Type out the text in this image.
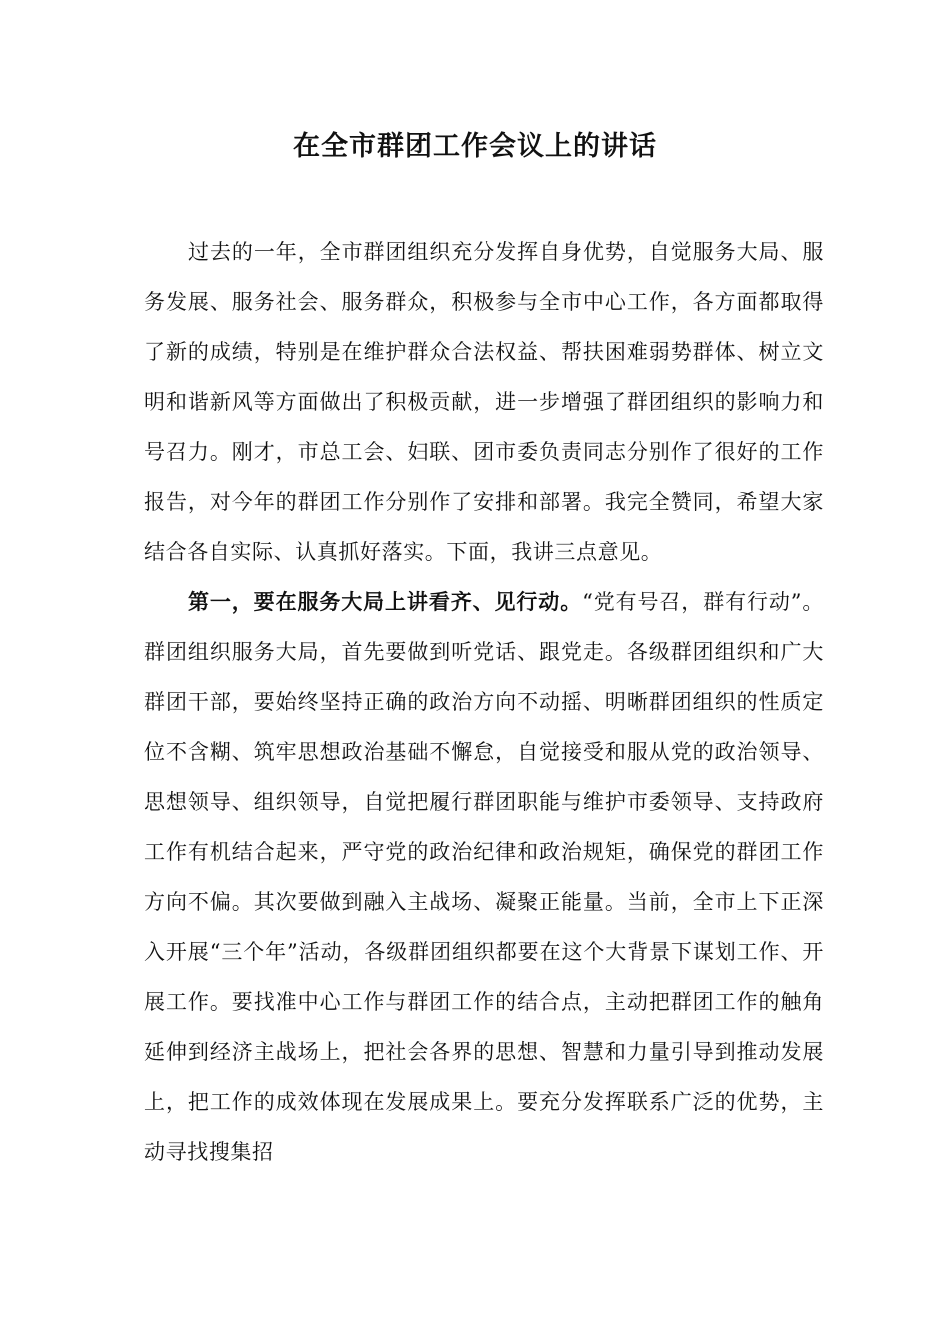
在全市群团工作会议上的讲话

过去的一年，全市群团组织充分发挥自身优势，自觉服务大局、服务发展、服务社会、服务群众，积极参与全市中心工作，各方面都取得了新的成绩，特别是在维护群众合法权益、帮扶困难弱势群体、树立文明和谐新风等方面做出了积极贡献，进一步增强了群团组织的影响力和号召力。刚才，市总工会、妇联、团市委负责同志分别作了很好的工作报告，对今年的群团工作分别作了安排和部署。我完全赞同，希望大家结合各自实际、认真抓好落实。下面，我讲三点意见。

第一，要在服务大局上讲看齐、见行动。“党有号召，群有行动”。群团组织服务大局，首先要做到听党话、跟党走。各级群团组织和广大群团干部，要始终坚持正确的政治方向不动摇、明晰群团组织的性质定位不含糊、筑牢思想政治基础不懈怠，自觉接受和服从党的政治领导、思想领导、组织领导，自觉把履行群团职能与维护市委领导、支持政府工作有机结合起来，严守党的政治纪律和政治规矩，确保党的群团工作方向不偏。其次要做到融入主战场、凝聚正能量。当前，全市上下正深入开展“三个年”活动，各级群团组织都要在这个大背景下谋划工作、开展工作。要找准中心工作与群团工作的结合点，主动把群团工作的触角延伸到经济主战场上，把社会各界的思想、智慧和力量引导到推动发展上，把工作的成效体现在发展成果上。要充分发挥联系广泛的优势，主动寻找搜集招
